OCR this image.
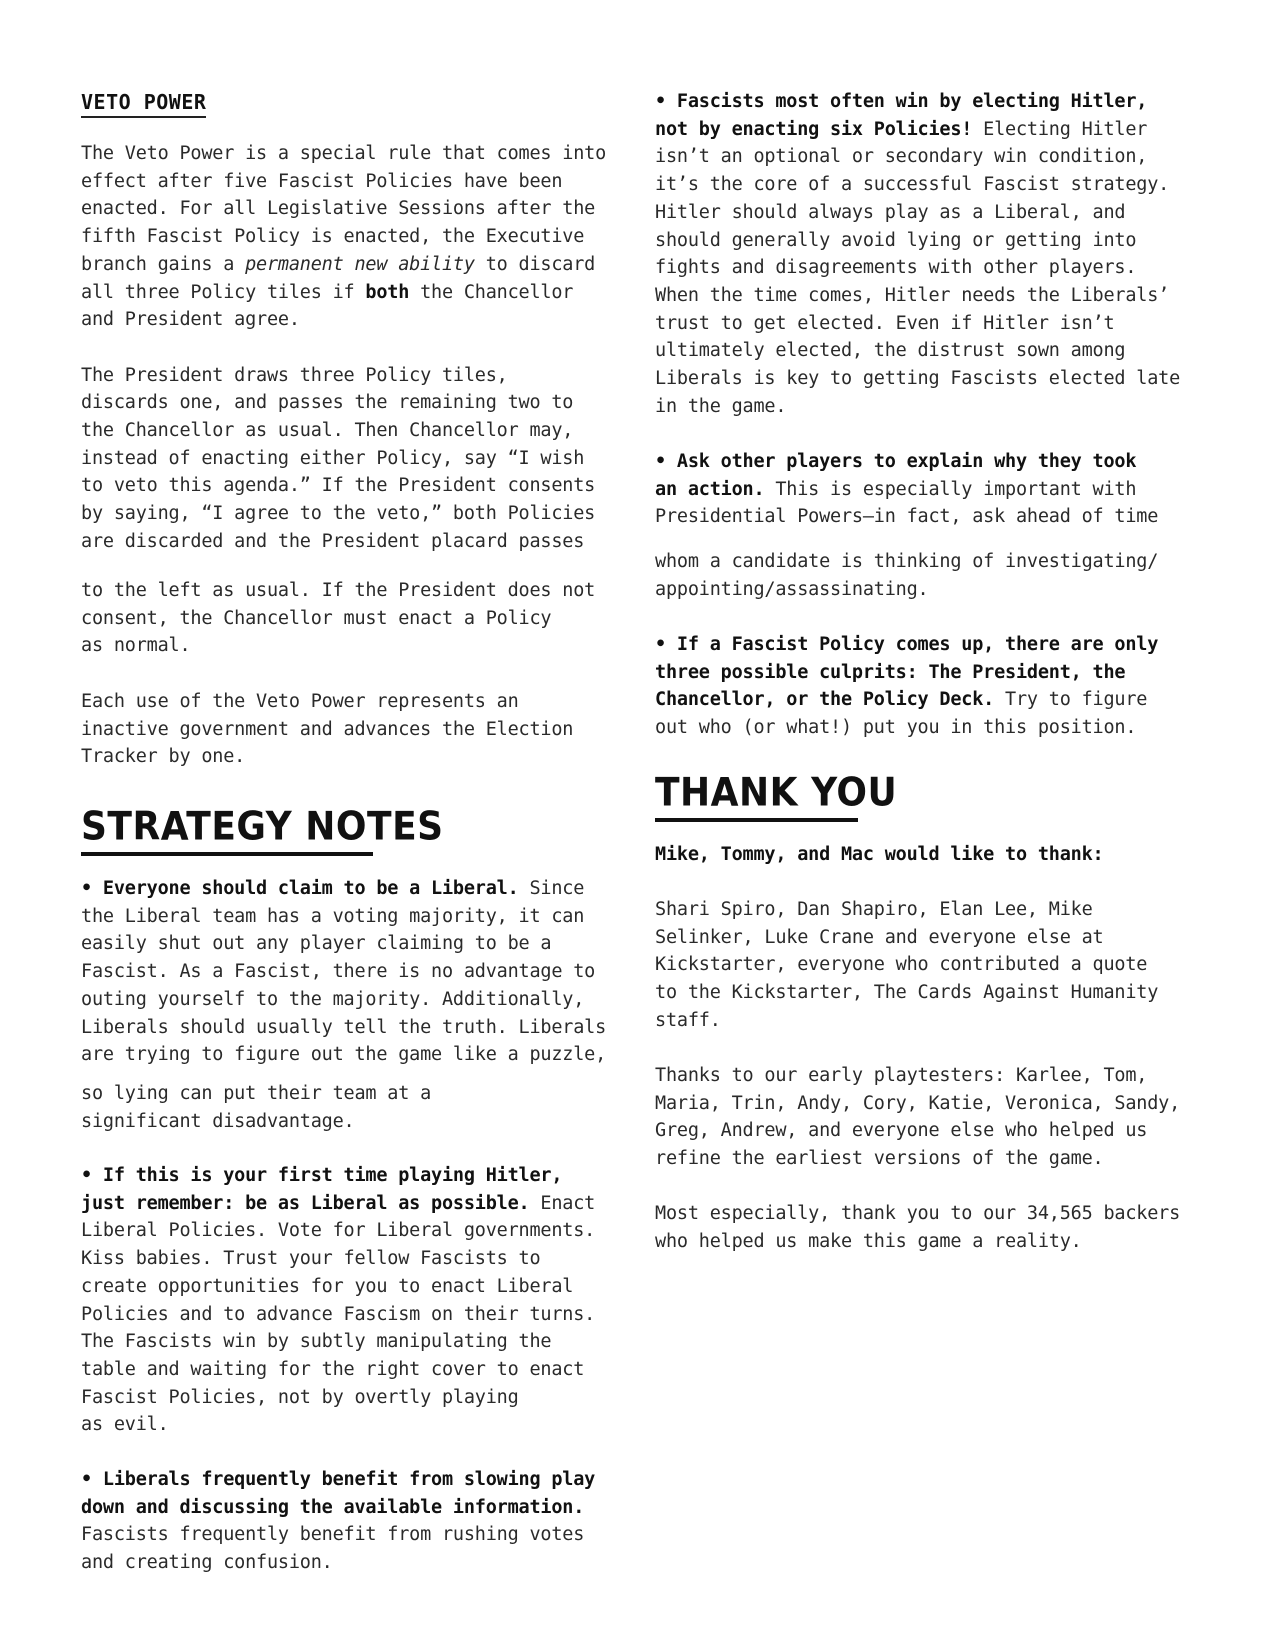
VETO POWER

The Veto Power is a special rule that comes into

effect after five Fascist Policies have been

enacted. For all Legislative Sessions after the

fifth Fascist Policy is enacted, the Executive

branch gains a permanent new ability to discard

all three Policy tiles if both the Chancellor

and President agree.

The President draws three Policy tiles,

discards one, and passes the remaining two to

the Chancellor as usual. Then Chancellor may,

instead of enacting either Policy, say “I wish

to veto this agenda.” If the President consents

by saying, “I agree to the veto,” both Policies

are discarded and the President placard passes

to the left as usual. If the President does not

consent, the Chancellor must enact a Policy

as normal.

Each use of the Veto Power represents an

inactive government and advances the Election

Tracker by one.

STRATEGY NOTES

• Everyone should claim to be a Liberal. Since

the Liberal team has a voting majority, it can

easily shut out any player claiming to be a

Fascist. As a Fascist, there is no advantage to

outing yourself to the majority. Additionally,

Liberals should usually tell the truth. Liberals

are trying to figure out the game like a puzzle,

so lying can put their team at a

significant disadvantage.

• If this is your first time playing Hitler,

just remember: be as Liberal as possible. Enact

Liberal Policies. Vote for Liberal governments.

Kiss babies. Trust your fellow Fascists to

create opportunities for you to enact Liberal

Policies and to advance Fascism on their turns.

The Fascists win by subtly manipulating the

table and waiting for the right cover to enact

Fascist Policies, not by overtly playing

as evil.

• Liberals frequently benefit from slowing play

down and discussing the available information.

Fascists frequently benefit from rushing votes

and creating confusion.

• Fascists most often win by electing Hitler,

not by enacting six Policies! Electing Hitler

isn’t an optional or secondary win condition,

it’s the core of a successful Fascist strategy.

Hitler should always play as a Liberal, and

should generally avoid lying or getting into

fights and disagreements with other players.

When the time comes, Hitler needs the Liberals’

trust to get elected. Even if Hitler isn’t

ultimately elected, the distrust sown among

Liberals is key to getting Fascists elected late

in the game.

• Ask other players to explain why they took

an action. This is especially important with

Presidential Powers—in fact, ask ahead of time

whom a candidate is thinking of investigating/

appointing/assassinating.

• If a Fascist Policy comes up, there are only

three possible culprits: The President, the

Chancellor, or the Policy Deck. Try to figure

out who (or what!) put you in this position.

THANK YOU

Mike, Tommy, and Mac would like to thank:

Shari Spiro, Dan Shapiro, Elan Lee, Mike

Selinker, Luke Crane and everyone else at

Kickstarter, everyone who contributed a quote

to the Kickstarter, The Cards Against Humanity

staff.

Thanks to our early playtesters: Karlee, Tom,

Maria, Trin, Andy, Cory, Katie, Veronica, Sandy,

Greg, Andrew, and everyone else who helped us

refine the earliest versions of the game.

Most especially, thank you to our 34,565 backers

who helped us make this game a reality.
